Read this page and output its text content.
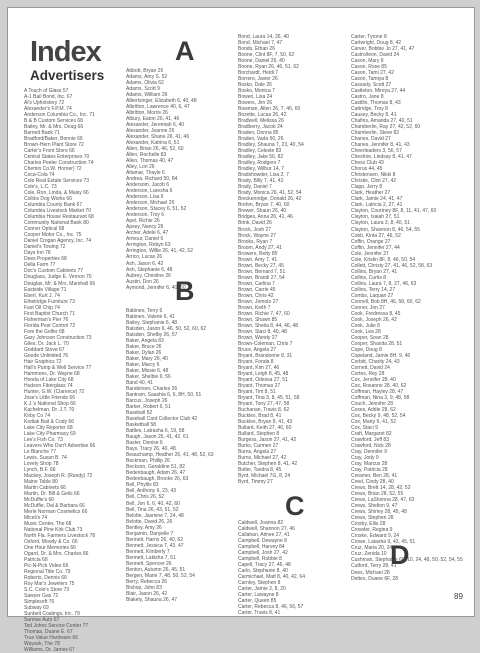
Index
Advertisers
A Touch of Glass 57
A-1 Bail Bond, Inc. 67
Al's Upholstery 72
Alexander's F.P.M. 74
Anderson Columbia Co., Inc. 71
B & B Custom Services 68
Bailey, Mr. & Mrs. Doug 66
Barnett Bank 71
Bradford/Baker, Bonnie 66
Brown-Hern Plant Store 72
Carter's Front Store 66
Central States Enterprises 70
Charles Peeler Construction 74
Chemin Co.W. Horner) 72
Coca-Cola 74
Cole Real Estate Services 73
Cole's, L.C. 73
Cole, Ron, Linda, & Maisy 66
Collins Dog Works 66
Columbia County Bank 67
Columbia Livestock Market 70
Columbia House Restaurant 68
Community National Bank 80
Conner Optical 68
Cooper Motor Co., Inc. 75
Daniel Crogan Agency, Inc. 74
Daniel's Towing 72
Days Inn 78
Dees Properties 68
Della Farm 77
Doc's Custom Cabinets 77
Douglass, Judge E. Vernon 70
Douglas, Mr. & Mrs. Marshall 66
Eastside Village 71
Eberl, Kurt J. 74
Ethelridge Furniture 73
Fast Oil Chip 74
First Baptist Church 71
Fisherman's Pier 76
Florida Pest Control 72
Fore the Golfer 68
Gary Johnson Construction 73
Giles, Dr. Jack L. 70
Goddard Stove 67
Goode Unlimited 76
Hair Graphics 72
Hall's Pump & Well Service 77
Hammons, Dr. Wayne 68
Honda of Lake City 68
Hudson Fiberglass 74
Hunter, G.W. (Clarence) 72
Jose's Little Friends 66
K.J.'s National Shop 66
Kachelman, Dr. J.T. 70
Kirby Co 74
Kodiak Bait & Cody 66
Lake City Reporter 68
Lake City Pharmacy 69
Lee's Fish Co. 73
Leavers Who Don't Advertise 66
Le Blanche 77
Lewis, Susan B. 74
Lovely Shop 78
Lynch, B.F. 66
Mackey, Joseph R. (Randy) 72
Maine Table 80
Martin Cabinets 66
Martin, Dr. Bill & Geils 66
McDuffie's 66
McDuffie, Dal & Barbara 66
Merle Norman Cosmetics 66
Miceli's 74
Music Center, The 68
National Pine Kirk Club 73
North Fla. Farmers Livestock 78
Oxford, Moody & Co. 66
One Hour Memories 66
Ogard, Dr. & Mrs. Charles 66
Patricia 68
Pic-N-Pick Video 66
Regional Title Co. 79
Roberts, Dennis 66
Roy Mar's Jewelers 75
S.C. Cole's Store 73
Sawyer Gas 72
Simplesoft 76
Subway 69
Sunbelt Coatings, Inc. 79
Sunrise Auto 67
Ted Johns Service Center 77
Thomas, Duane E. 67
True Value Hardware 66
Waysek, The 78
Williams, Dr. James 67
A
Abbott, Bryan 26
Adams, Amy S. 52
Adams, Olivia 62
Adams, Scott 9
Adams, William 26
Albertsinger, Elizabeth 6, 40, 48
Albritton, Lawrence 40, 6, 47
Albritton, Morris 26
Albury, Eaton 26, 41, 46
Alexander, Jeremiah 6, 40
Alexander, Joanne 26
Alexander, Shane 26, 41, 46
Alexander, Katrina 6, 51
Allen, Brian 26, 46, 52, 60
Allen, Rochelle 83
Allen, Thomas 40, 47
Alley, Lori 26
Altamar, Thayle 6
Andrea, Richard 50, 84
Andersom, Jacob 6
Anderson, Laresha 6
Anderson, Lisa 6
Anderson, Michael 26
Anderson, Stacey 6, 51, 52
Anderson, Troy 6
Apel, Richie 26
Apsey, Nancy 26
Archer, Adele 6, 47
Armour, Daniel 6
Arrington, Robyn 63
Arrington, Willie 26, 41, 42, 52
Arrico, Lucas 26
Ash, Jason 6, 42
Ash, Stephanie 6, 48
Aubrey, Christine 26
Austin, Don 26
Aymond, Jennifer 6, 40, 50
B
Babineo, Terry 6
Babineo, Valerie 6, 41
Bailey, Stephanie 6, 48
Baisden, Jason 6, 46, 50, 52, 60, 62
Baisden, Shelby 26, 57
Baker, Angela 83
Baker, Bruce 26
Baker, Dylan 26
Baker, Mary 26, 40
Baker, Marcy 6
Baker, Missie 6, 48
Baker, Shelbie 6, 56
Band 40, 41
Banderson, Charles 26
Bantram, Saashia 6, 6, 8H, 50, 51
Barcus, Joseph 26
Barker, Robert 6, 51
Baseball 52
Baseball Card Collector Club 42
Basketball 58
Battles, Latrasha 6, 19, 58
Baugh, Jason 26, 41, 42, 61
Baxter, Denise 6
Bays, Tracy 26, 40, 48
Beauchamp, Heather 26, 41, 48, 52, 63
Beckman, Phillip 26
Beckson, Geraldine 51, 82
Bedenbaugh, Adam 26, 47
Bedenbaugh, Brooke 26, 63
Bell, Phyllis 83
Bell, Anthony 6, 23, 43
Bell, Chris 26, 52
Bell, Jon 6, 6, 40, 42, 60
Bell, Tina 26, 43, 51, 52
Belotte, Jasmine 7, 24, 48
Belotte, David 26, 26
Bentley, Amy 26
Benjamin, Danyelle 7
Bennett, Harris 26, 40, 62
Bennett, Jessica 7, 43, 47
Bennett, Kimberly 7
Bennett, Lakisha 7, 51
Bennett, Spencer 26
Benton, Autumn 26, 45, 51
Bergen, Marie 7, 48, 50, 52, 54
Berry, Rebecca 26
Bishop, John 83
Blair, Jason 26, 42
Blakely, Shauna 26, 47
Bond, Laura 14, 26, 40
Bond, Michael 7, 47
Bonds, Ethan 26
Boone, Clint 8F, 7, 50, 62
Boone, Daniel 26, 40
Boone, Ryan 26, 46, 51, 62
Borchardt, Heidi 7
Borrero, Javier 26
Bosko, Dale 26
Bosko, Monica 7
Bowen, Lisa 24
Bowers, Jim 26
Bowman, Allen 26, 7, 46, 60
Bozette, Lucas 26, 42
Bradwell, Melissa 26
Bradberry, Jacob 24
Braden, Donna 85
Braden, Vada 60, 26
Bradley, Shauna 7, 23, 40, 54
Bradley, Celeste 83
Bradley, Jake 56, 82
Bradley, Rodgers 7
Bradley, Wilbur 14, 7
Bradshowder, Lisa 2, 7
Brady, Billy 7, 41, 42
Brady, Daniel 7
Brady, Monica 26, 41, 52, 54
Breckenridge, Donald 26, 42
Brehm, Bryan 7, 40, 60
Brewer, Shaun 26, 40
Bridges, Anna 26, 41, 46
Brink, David 26
Brock, Josh 27
Brock, Wayne 27
Brooks, Ryan 7
Broom, Andy 27, 41
Browers, Betty 85
Brown, Amy 7, 41
Brown, Becky 27, 45
Brown, Bernard 7, 51
Brown, Brandi 27, 54
Brown, Carlina 7
Brown, Carrie 45
Brown, Chris 42
Brown, Jomoto 27
Brown, Keith 7
Brown, Richie 7, 47, 60
Brown, Shawn 85
Brown, Sheila 8, 44, 46, 48
Brown, Staci 8, 40, 48
Brown, Wendy 27
Brown-Coleman, Chris 7
Bruce, Angela 27
Bryant, Brandonne 8, 31
Bryant, Fonda 8
Bryant, Kim 27, 46
Bryant, Leigh 8, 45, 48
Bryant, Odessa 27, 51
Bryant, Thomas 27
Bryant, Tim 8, 51
Bryant, Tina 3, 8, 45, 51, 58
Bryant, Tony 27, 47, 58
Buchanan, Travis 8, 62
Buckles, Brad 8, 41
Buckles, Bryan 8, 41, 43
Bullard, Keith 27, 46, 60
Bullard, Stephen 8
Burgess, Jason 27, 41, 42
Burks, Carmen 27
Burns, Angela 27
Burns, Michael 27, 42
Butcher, Stephen 8, 41, 42
Butler, Tandra 8, 45
Byrd, Michael 7G, 8, 24
Byrd, Timmy 27
C
Caldwell, Joanna 82
Caldwell, Shannon 27, 46
Callahan, Aimee 27, 41
Campbell, Dewayne 8
Campbell, Harvey 84
Campbell, Josh 27, 42
Campbell, Robbie 8
Capell, Tracy 27, 46, 48
Carlo, Stephanie 8, 40
Carmichael, Matt 8, 40, 42, 64
Carnley, Stephen 8
Carter, Jamie 2, 8, 20
Carter, Lawayne 8
Carter, Queen 85
Carter, Rebecca 8, 46, 56, 57
Carter, Travis 8, 41
Carter, Tyrone 8
Cartwright, Doug 8, 42
Carver, Bobbie Jo 27, 41, 47
Castro/leon, David 24
Cason, Mary 8
Cason, Rose 85
Cason, Tami 27, 42
Cason, Tamiya 8
Cassady, Scott 27
Castleton, Mireya 27, 44
Castro, Jane 8
Castillo, Thomas 8, 43
Cattridge, Troy 8
Causey, Becky 8, 41
Chafins, Amanda 27, 40, 51
Chamberlin, Ray 27, 42, 52, 60
Chamberlin, Steve 82
Chanes, David 27
Chanes, Jennifer 8, 41, 43
Cheerleaders 3, 56, 57
Cheshire, Lindsay 8, 41, 47
Chess Club 43
Chorus 44, 45
Christensen, Nikki 8
Christie, Clint 27, 42
Clapp, Jerry 8
Clark, Heather 27
Clark, Jamie 24, 41, 47
Clark, Latricia 2, 27, 41
Clayton, Courtney 8F, 8, 11, 41, 47, 60
Clayton, Isaiah 27, 51
Clayton, Laura 3, 8, 40, 51
Clayton, Shannon 8, 46, 54, 55
Cobb, Kinta 27, 46, 52
Coffin, Orange 27
Coffin, Jennifer 27, 44
Cole, Jennifer 27
Cole, Kristin 8F, 8, 46, 50, 54
Collett, Christy 27, 41, 46, 52, 58, 63
Collins, Bryan 27, 41
Collins, Curtis 8
Collins, Laura 7, 8, 27, 46, 63
Collins, Terry 14, 27
Combs, Laquan 27
Connell, Bob 8H, 46, 58, 60, 62
Conner, Jon 27
Cook, Fredressa 8, 45
Cook, Joseph 26, 42
Cook, Julie 8
Cook, Lea 28
Cooper, Sean 28
Cooper, Shanita 28, 51
Cope, Doug 8
Copeland, Jamie 8H, 9, 46
Corbitt, Charity 24, 43
Cornett, David 24
Cortes, Rey 28
Cox, Jennifer 28, 40
Cox, Roxanne 28, 40, 62
Coffman, Hayley 28, 47
Coffman, Nina 3, 9, 48, 58
Couch, Jennifer 28
Coxes, Addie 28, 62
Cox, Becky 9, 48, 52, 54
Cox, Marty 9, 41, 52
Cox, Staci 9
Craft, Margaret 82
Crawford, Jeff 83
Crawford, Nick 28
Cray, Dennifer 9
Cray, Jody 9
Cray, Marcus 28
Cray, Patricia 28
Creamer, Ben 28, 41
Creel, Cindy 28, 40
Crews, Brett 14, 28, 42, 52
Crews, Brian 28, 52, 55
Crews, LaShonna 28, 47, 63
Crews, Shelton 9, 47
Crews, Shirley 28, 45, 48
Crews, Stephen 28
Crosby, Ellis 28
Crowder, Regina 9
Croske, Edward 9, 24
Crowe, Latasha 9, 43, 45, 51
Cruz, Maria 20, 24
Cruz, Zenida 10
Cushman, Stephanie 6F, 10, 24, 48, 50, 52, 54, 55
Cutford, Terry 28, 41
D
Dees, Michael 28
Dettes, Duane 6F, 28
89
